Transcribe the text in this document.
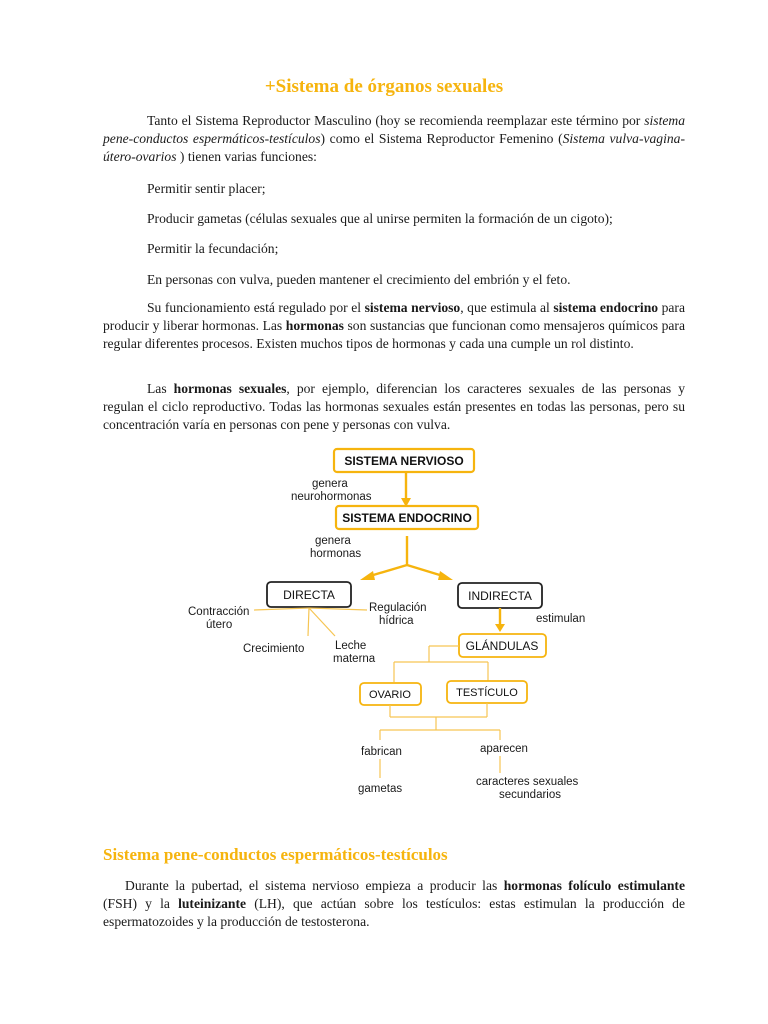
+Sistema de órganos sexuales

Tanto el Sistema Reproductor Masculino (hoy se recomienda reemplazar este término por sistema pene-conductos espermáticos-testículos) como el Sistema Reproductor Femenino (Sistema vulva-vagina-útero-ovarios ) tienen varias funciones:

Permitir sentir placer;
Producir gametas (células sexuales que al unirse permiten la formación de un cigoto);
Permitir la fecundación;
En personas con vulva, pueden mantener el crecimiento del embrión y el feto.

Su funcionamiento está regulado por el sistema nervioso, que estimula al sistema endocrino para producir y liberar hormonas. Las hormonas son sustancias que funcionan como mensajeros químicos para regular diferentes procesos. Existen muchos tipos de hormonas y cada una cumple un rol distinto.

Las hormonas sexuales, por ejemplo, diferencian los caracteres sexuales de las personas y regulan el ciclo reproductivo. Todas las hormonas sexuales están presentes en todas las personas, pero su concentración varía en personas con pene y personas con vulva.

SISTEMA NERVIOSO
genera
neurohormonas
SISTEMA ENDOCRINO
genera
hormonas
DIRECTA	INDIRECTA
Contracción
útero
Regulación
hídrica
Crecimiento	Leche
materna
estimulan
GLÁNDULAS
OVARIO	TESTÍCULO
fabrican	aparecen
gametas
caracteres sexuales
secundarios
Sistema pene-conductos espermáticos-testículos

Durante la pubertad, el sistema nervioso empieza a producir las hormonas folículo estimulante (FSH) y la luteinizante (LH), que actúan sobre los testículos: estas estimulan la producción de espermatozoides y la producción de testosterona.
